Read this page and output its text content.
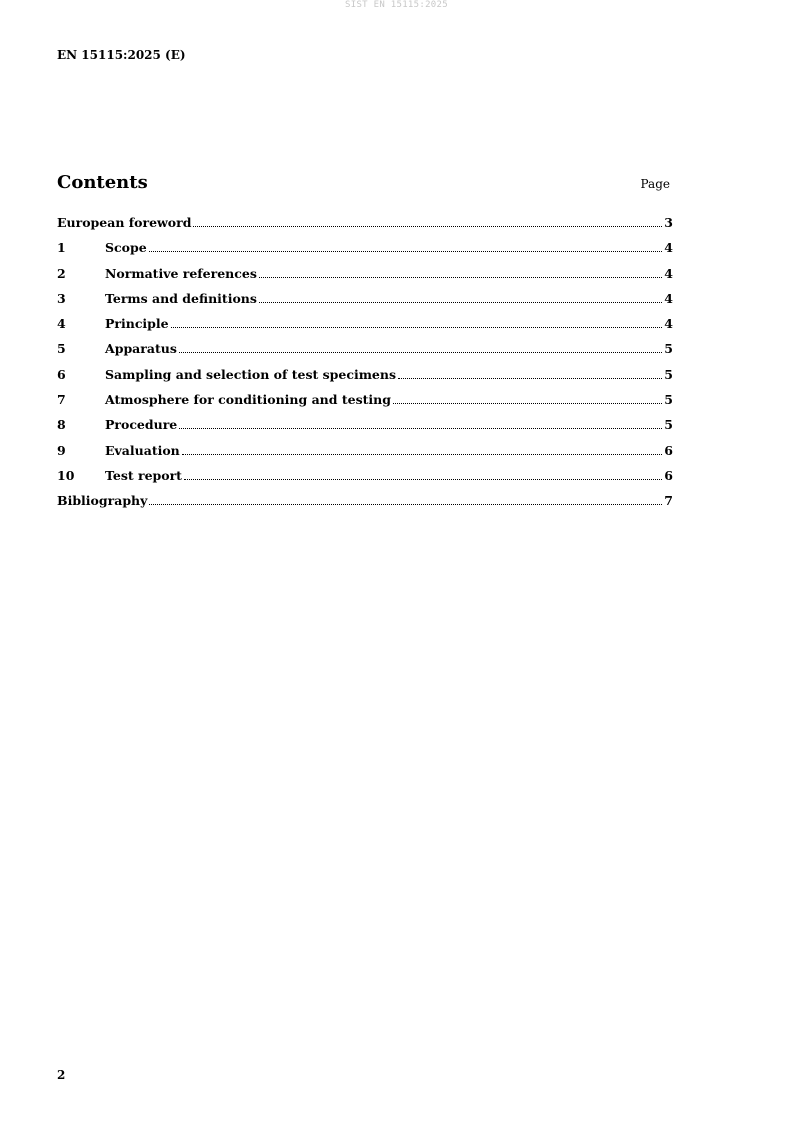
SIST EN 15115:2025
EN 15115:2025 (E)
Contents	Page
European foreword	3
1	Scope	4
2	Normative references	4
3	Terms and definitions	4
4	Principle	4
5	Apparatus	5
6	Sampling and selection of test specimens	5
7	Atmosphere for conditioning and testing	5
8	Procedure	5
9	Evaluation	6
10	Test report	6
Bibliography	7
2
